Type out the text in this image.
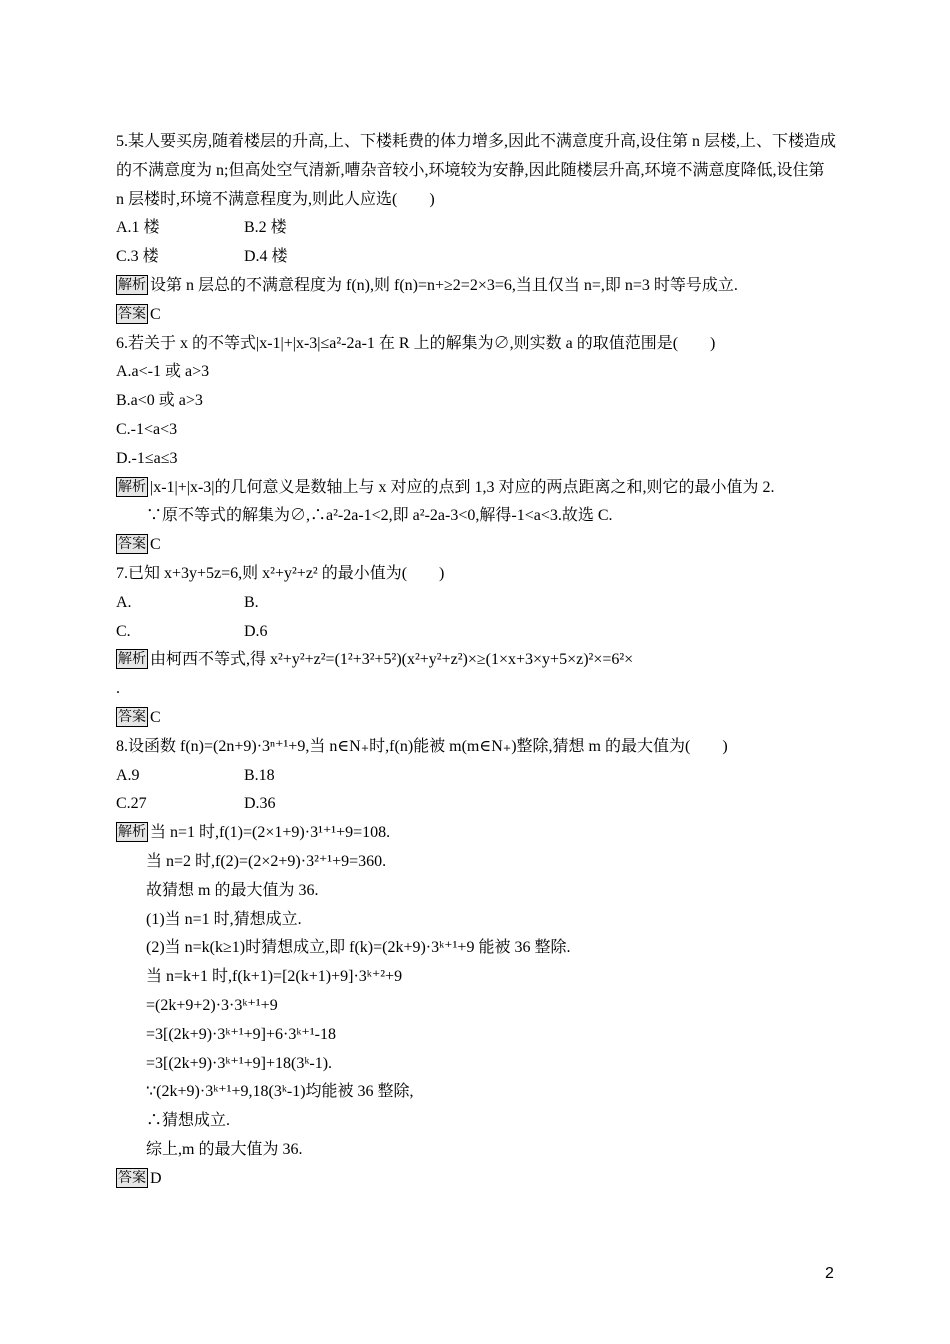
5.某人要买房,随着楼层的升高,上、下楼耗费的体力增多,因此不满意度升高,设住第 n 层楼,上、下楼造成的不满意度为 n;但高处空气清新,嘈杂音较小,环境较为安静,因此随楼层升高,环境不满意度降低,设住第 n 层楼时,环境不满意程度为,则此人应选(　　)
A.1 楼	B.2 楼
C.3 楼	D.4 楼
解析 设第 n 层总的不满意程度为 f(n),则 f(n)=n+≥2=2×3=6,当且仅当 n=,即 n=3 时等号成立.
答案 C
6.若关于 x 的不等式|x-1|+|x-3|≤a²-2a-1 在 R 上的解集为∅,则实数 a 的取值范围是(　　)
A.a<-1 或 a>3
B.a<0 或 a>3
C.-1<a<3
D.-1≤a≤3
解析 |x-1|+|x-3|的几何意义是数轴上与 x 对应的点到 1,3 对应的两点距离之和,则它的最小值为 2.
∵原不等式的解集为∅,∴a²-2a-1<2,即 a²-2a-3<0,解得-1<a<3.故选 C.
答案 C
7.已知 x+3y+5z=6,则 x²+y²+z² 的最小值为(　　)
A.	B.
C.	D.6
解析 由柯西不等式,得 x²+y²+z²=(1²+3²+5²)(x²+y²+z²)×≥(1×x+3×y+5×z)²×=6²×
.
答案 C
8.设函数 f(n)=(2n+9)·3ⁿ⁺¹+9,当 n∈N₊时,f(n)能被 m(m∈N₊)整除,猜想 m 的最大值为(　　)
A.9	B.18
C.27	D.36
解析 当 n=1 时,f(1)=(2×1+9)·3¹⁺¹+9=108.
当 n=2 时,f(2)=(2×2+9)·3²⁺¹+9=360.
故猜想 m 的最大值为 36.
(1)当 n=1 时,猜想成立.
(2)当 n=k(k≥1)时猜想成立,即 f(k)=(2k+9)·3ᵏ⁺¹+9 能被 36 整除.
当 n=k+1 时,f(k+1)=[2(k+1)+9]·3ᵏ⁺²+9
=(2k+9+2)·3·3ᵏ⁺¹+9
=3[(2k+9)·3ᵏ⁺¹+9]+6·3ᵏ⁺¹-18
=3[(2k+9)·3ᵏ⁺¹+9]+18(3ᵏ-1).
∵(2k+9)·3ᵏ⁺¹+9,18(3ᵏ-1)均能被 36 整除,
∴猜想成立.
综上,m 的最大值为 36.
答案 D
2
